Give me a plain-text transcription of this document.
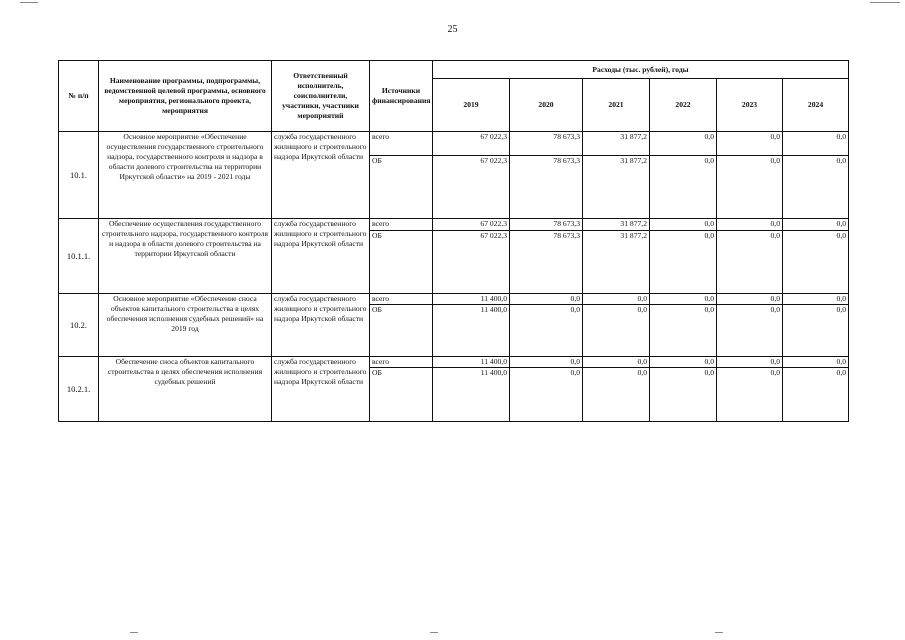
25
№ п/п	Наименование программы, подпрограммы, ведомственной целевой программы, основного мероприятия, регионального проекта, мероприятия	Ответственный исполнитель, соисполнители, участники, участники мероприятий	Источники финансирования	Расходы (тыс. рублей), годы					
				2019	2020	2021	2022	2023	2024
10.1.	Основное мероприятие «Обеспечение осуществления государственного строительного надзора, государственного контроля и надзора в области долевого строительства на территории Иркутской области» на 2019 - 2021 годы	служба государственного жилищного и строительного надзора Иркутской области	всего	67 022,3	78 673,3	31 877,2	0,0	0,0	0,0
			ОБ	67 022,3	78 673,3	31 877,2	0,0	0,0	0,0
10.1.1.	Обеспечение осуществления государственного строительного надзора, государственного контроля и надзора в области долевого строительства на территории Иркутской области	служба государственного жилищного и строительного надзора Иркутской области	всего	67 022,3	78 673,3	31 877,2	0,0	0,0	0,0
			ОБ	67 022,3	78 673,3	31 877,2	0,0	0,0	0,0
10.2.	Основное мероприятие «Обеспечение сноса объектов капитального строительства в целях обеспечения исполнения судебных решений» на 2019 год	служба государственного жилищного и строительного надзора Иркутской области	всего	11 400,0	0,0	0,0	0,0	0,0	0,0
			ОБ	11 400,0	0,0	0,0	0,0	0,0	0,0
10.2.1.	Обеспечение сноса объектов капитального строительства в целях обеспечения исполнения судебных решений	служба государственного жилищного и строительного надзора Иркутской области	всего	11 400,0	0,0	0,0	0,0	0,0	0,0
			ОБ	11 400,0	0,0	0,0	0,0	0,0	0,0
